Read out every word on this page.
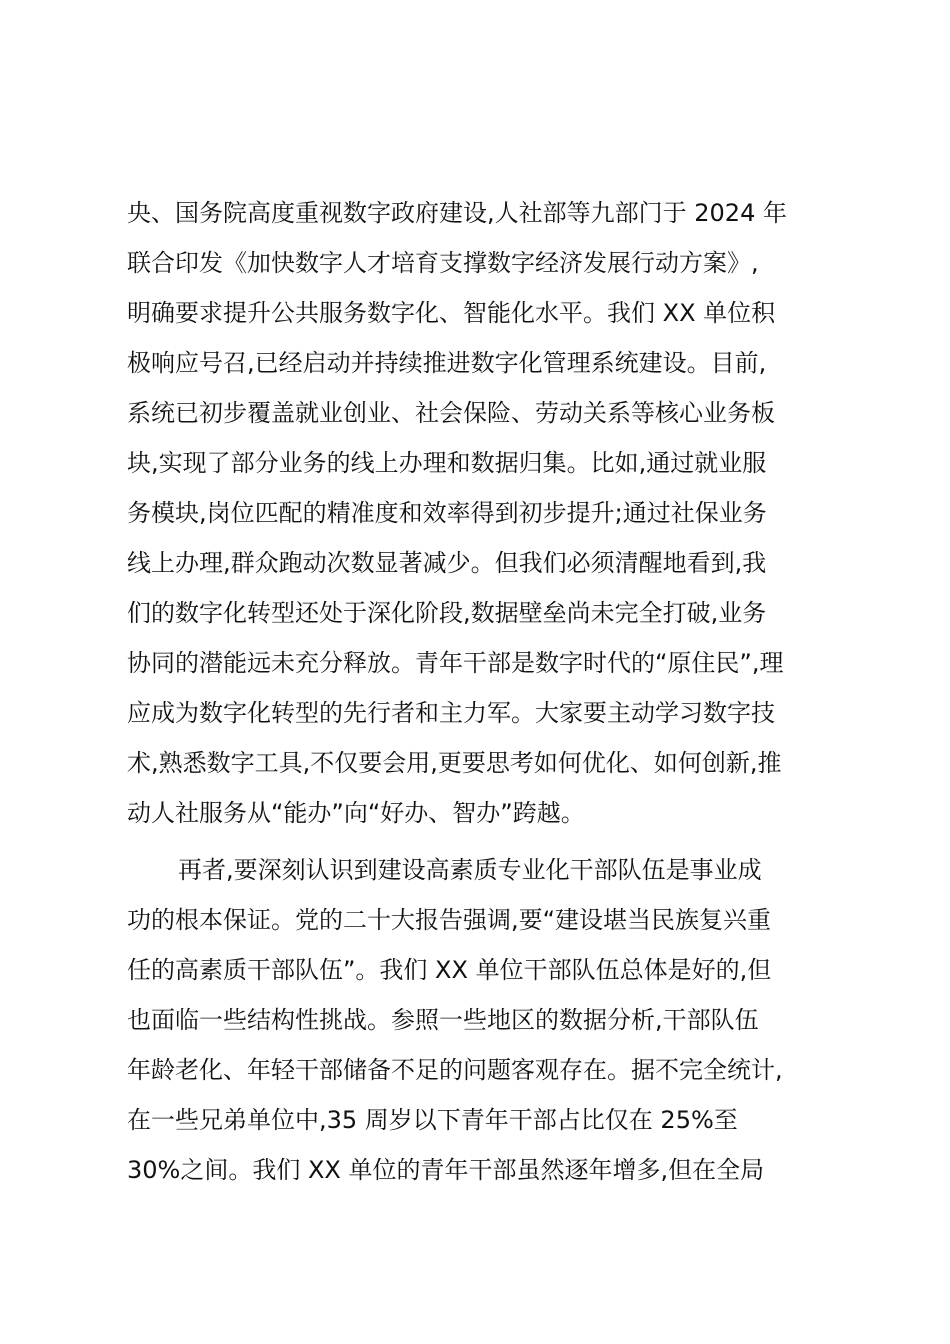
央、国务院高度重视数字政府建设,人社部等九部门于 2024 年
联合印发《加快数字人才培育支撑数字经济发展行动方案》,
明确要求提升公共服务数字化、智能化水平。我们 XX 单位积
极响应号召,已经启动并持续推进数字化管理系统建设。目前,
系统已初步覆盖就业创业、社会保险、劳动关系等核心业务板
块,实现了部分业务的线上办理和数据归集。比如,通过就业服
务模块,岗位匹配的精准度和效率得到初步提升;通过社保业务
线上办理,群众跑动次数显著减少。但我们必须清醒地看到,我
们的数字化转型还处于深化阶段,数据壁垒尚未完全打破,业务
协同的潜能远未充分释放。青年干部是数字时代的“原住民”,理
应成为数字化转型的先行者和主力军。大家要主动学习数字技
术,熟悉数字工具,不仅要会用,更要思考如何优化、如何创新,推
动人社服务从“能办”向“好办、智办”跨越。
再者,要深刻认识到建设高素质专业化干部队伍是事业成
功的根本保证。党的二十大报告强调,要“建设堪当民族复兴重
任的高素质干部队伍”。我们 XX 单位干部队伍总体是好的,但
也面临一些结构性挑战。参照一些地区的数据分析,干部队伍
年龄老化、年轻干部储备不足的问题客观存在。据不完全统计,
在一些兄弟单位中,35 周岁以下青年干部占比仅在 25%至
30%之间。我们 XX 单位的青年干部虽然逐年增多,但在全局
